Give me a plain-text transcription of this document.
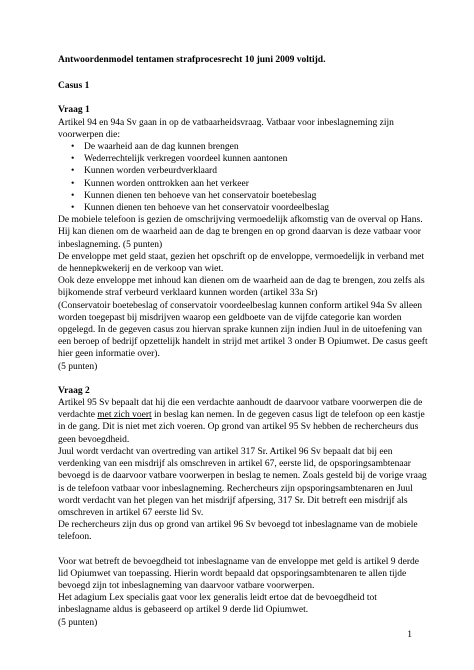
Antwoordenmodel tentamen strafprocesrecht 10 juni 2009 voltijd.

Casus 1

Vraag 1

Artikel 94 en 94a Sv gaan in op de vatbaarheidsvraag. Vatbaar voor inbeslagneming zijn voorwerpen die:

• De waarheid aan de dag kunnen brengen
• Wederrechtelijk verkregen voordeel kunnen aantonen
• Kunnen worden verbeurdverklaard
• Kunnen worden onttrokken aan het verkeer
• Kunnen dienen ten behoeve van het conservatoir boetebeslag
• Kunnen dienen ten behoeve van het conservatoir voordeelbeslag

De mobiele telefoon is gezien de omschrijving vermoedelijk afkomstig van de overval op Hans. Hij kan dienen om de waarheid aan de dag te brengen en op grond daarvan is deze vatbaar voor inbeslagneming. (5 punten)

De enveloppe met geld staat, gezien het opschrift op de enveloppe, vermoedelijk in verband met de hennepkwekerij en de verkoop van wiet.

Ook deze enveloppe met inhoud kan dienen om de waarheid aan de dag te brengen, zou zelfs als bijkomende straf verbeurd verklaard kunnen worden (artikel 33a Sr)

(Conservatoir boetebeslag of conservatoir voordeelbeslag kunnen conform artikel 94a Sv alleen worden toegepast bij misdrijven waarop een geldboete van de vijfde categorie kan worden opgelegd. In de gegeven casus zou hiervan sprake kunnen zijn indien Juul in de uitoefening van een beroep of bedrijf opzettelijk handelt in strijd met artikel 3 onder B Opiumwet. De casus geeft hier geen informatie over).

(5 punten)

Vraag 2

Artikel 95 Sv bepaalt dat hij die een verdachte aanhoudt de daarvoor vatbare voorwerpen die de verdachte met zich voert in beslag kan nemen. In de gegeven casus ligt de telefoon op een kastje in de gang. Dit is niet met zich voeren. Op grond van artikel 95 Sv hebben de rechercheurs dus geen bevoegdheid.

Juul wordt verdacht van overtreding van artikel 317 Sr. Artikel 96 Sv bepaalt dat bij een verdenking van een misdrijf als omschreven in artikel 67, eerste lid, de opsporingsambtenaar bevoegd is de daarvoor vatbare voorwerpen in beslag te nemen. Zoals gesteld bij de vorige vraag is de telefoon vatbaar voor inbeslagneming. Rechercheurs zijn opsporingsambtenaren en Juul wordt verdacht van het plegen van het misdrijf afpersing, 317 Sr. Dit betreft een misdrijf als omschreven in artikel 67 eerste lid Sv.

De rechercheurs zijn dus op grond van artikel 96 Sv bevoegd tot inbeslagname van de mobiele telefoon.

Voor wat betreft de bevoegdheid tot inbeslagname van de enveloppe met geld is artikel 9 derde lid Opiumwet van toepassing. Hierin wordt bepaald dat opsporingsambtenaren te allen tijde bevoegd zijn tot inbeslagneming van daarvoor vatbare voorwerpen.

Het adagium Lex specialis gaat voor lex generalis leidt ertoe dat de bevoegdheid tot inbeslagname aldus is gebaseerd op artikel 9 derde lid Opiumwet.

(5 punten)

1
